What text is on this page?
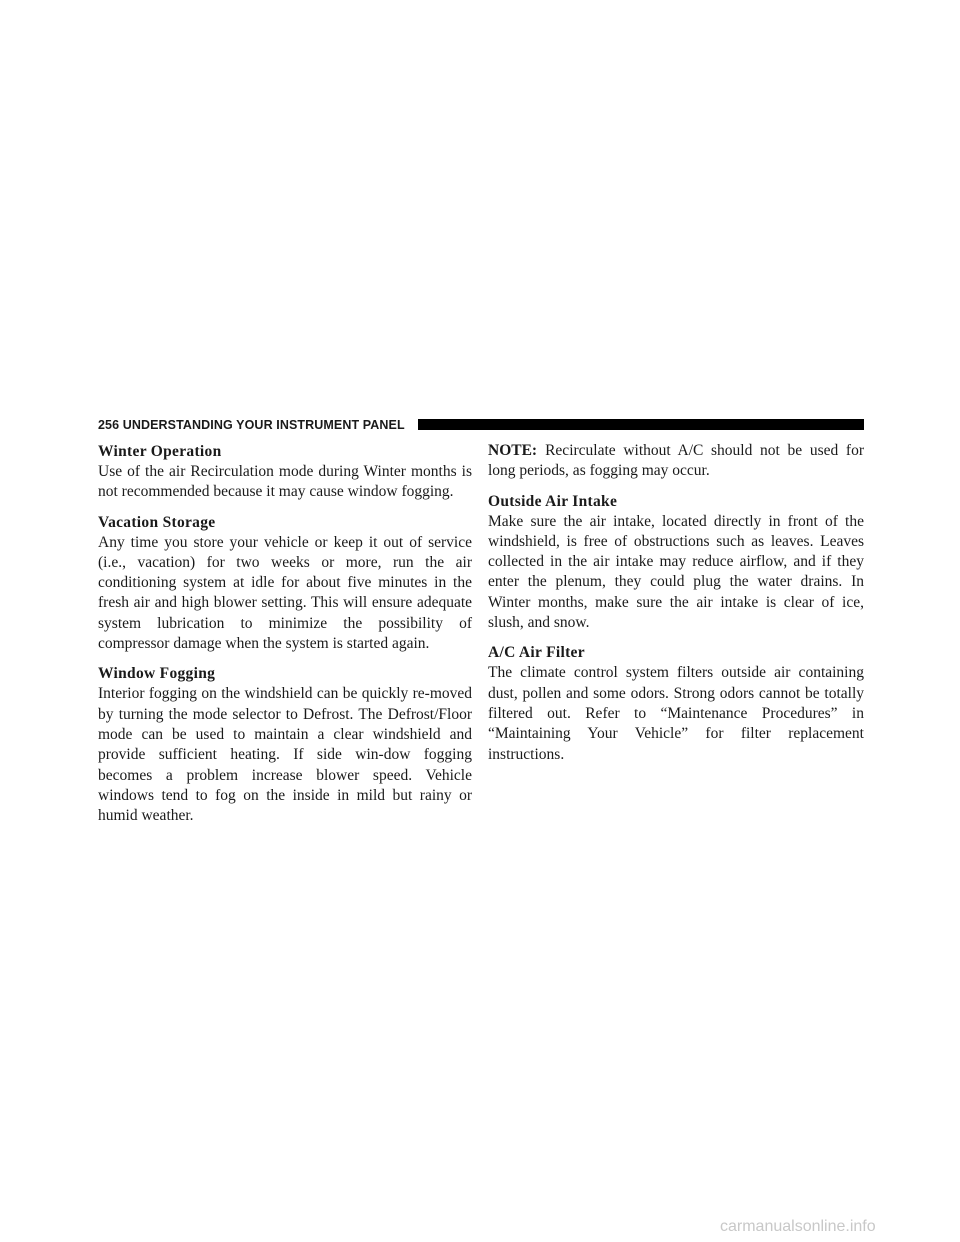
256 UNDERSTANDING YOUR INSTRUMENT PANEL
Winter Operation

Use of the air Recirculation mode during Winter months is not recommended because it may cause window fogging.

Vacation Storage

Any time you store your vehicle or keep it out of service (i.e., vacation) for two weeks or more, run the air conditioning system at idle for about five minutes in the fresh air and high blower setting. This will ensure adequate system lubrication to minimize the possibility of compressor damage when the system is started again.

Window Fogging

Interior fogging on the windshield can be quickly re-moved by turning the mode selector to Defrost. The Defrost/Floor mode can be used to maintain a clear windshield and provide sufficient heating. If side win-dow fogging becomes a problem increase blower speed. Vehicle windows tend to fog on the inside in mild but rainy or humid weather.

NOTE: Recirculate without A/C should not be used for long periods, as fogging may occur.

Outside Air Intake

Make sure the air intake, located directly in front of the windshield, is free of obstructions such as leaves. Leaves collected in the air intake may reduce airflow, and if they enter the plenum, they could plug the water drains. In Winter months, make sure the air intake is clear of ice, slush, and snow.

A/C Air Filter

The climate control system filters outside air containing dust, pollen and some odors. Strong odors cannot be totally filtered out. Refer to “Maintenance Procedures” in “Maintaining Your Vehicle” for filter replacement instructions.

carmanualsonline.info
